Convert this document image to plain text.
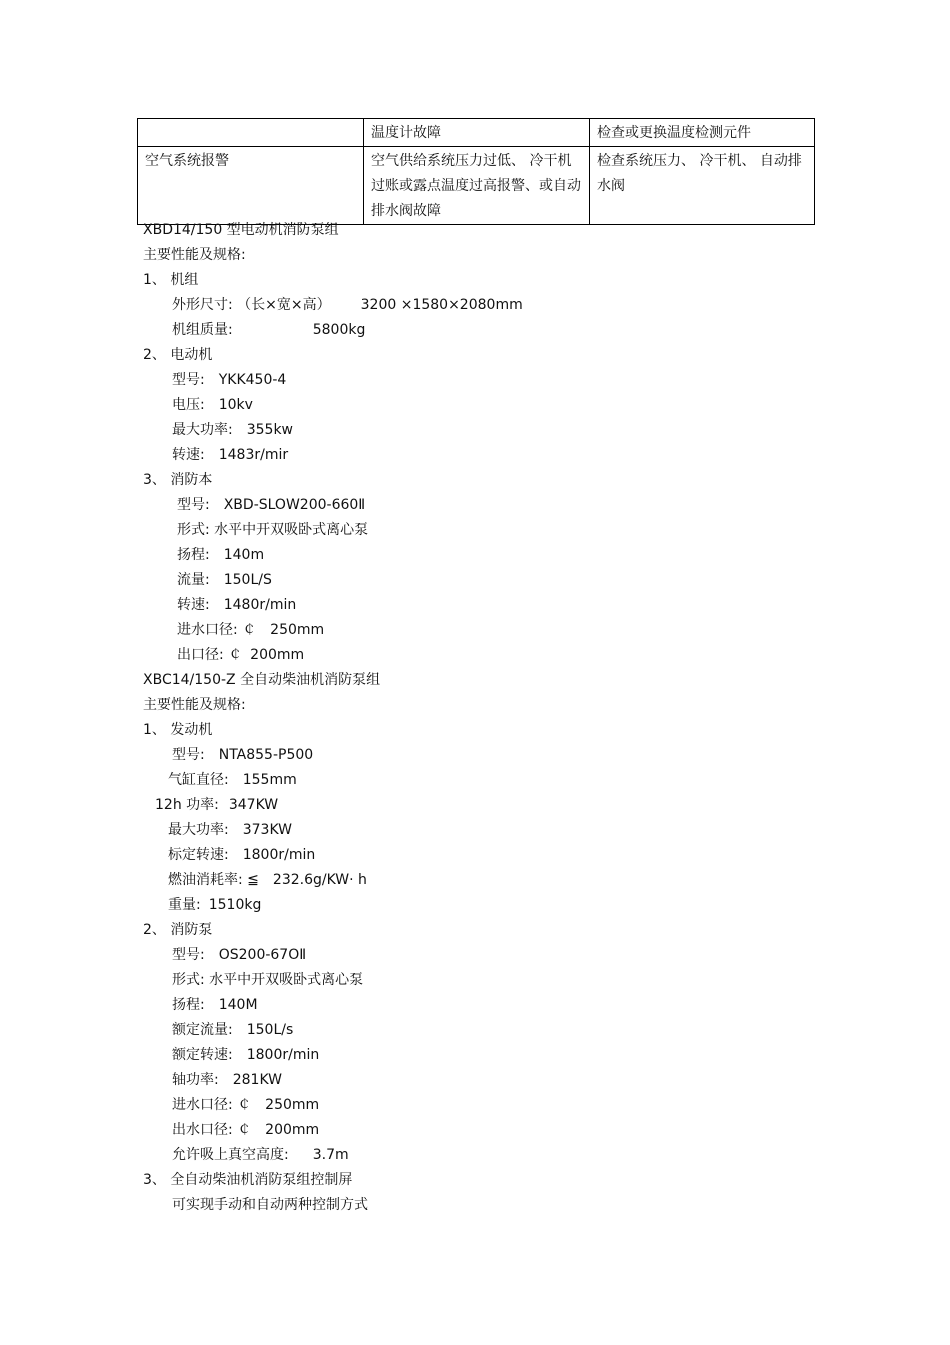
	温度计故障	检查或更换温度检测元件
空气系统报警	空气供给系统压力过低、 冷干机过账或露点温度过高报警、或自动排水阀故障	检查系统压力、 冷干机、 自动排水阀
XBD14/150 型电动机消防泵组
主要性能及规格:
1、 机组
外形尺寸: （长×宽×高） 3200 ×1580×2080mm
机组质量:	5800kg
2、 电动机
型号: YKK450-4
电压: 10kv
最大功率: 355kw
转速: 1483r/mir
3、 消防本
型号: XBD-SLOW200-660Ⅱ
形式: 水平中开双吸卧式离心泵
扬程: 140m
流量: 150L/S
转速: 1480r/min
进水口径: ￠ 250mm
出口径: ￠ 200mm
XBC14/150-Z 全自动柴油机消防泵组
主要性能及规格:
1、 发动机
型号: NTA855-P500
气缸直径: 155mm
12h 功率: 347KW
最大功率: 373KW
标定转速: 1800r/min
燃油消耗率: ≦ 232.6g/KW· h
重量: 1510kg
2、 消防泵
型号: OS200-67OⅡ
形式: 水平中开双吸卧式离心泵
扬程: 140M
额定流量: 150L/s
额定转速: 1800r/min
轴功率: 281KW
进水口径: ￠ 250mm
出水口径: ￠ 200mm
允许吸上真空高度: 3.7m
3、 全自动柴油机消防泵组控制屏
可实现手动和自动两种控制方式
